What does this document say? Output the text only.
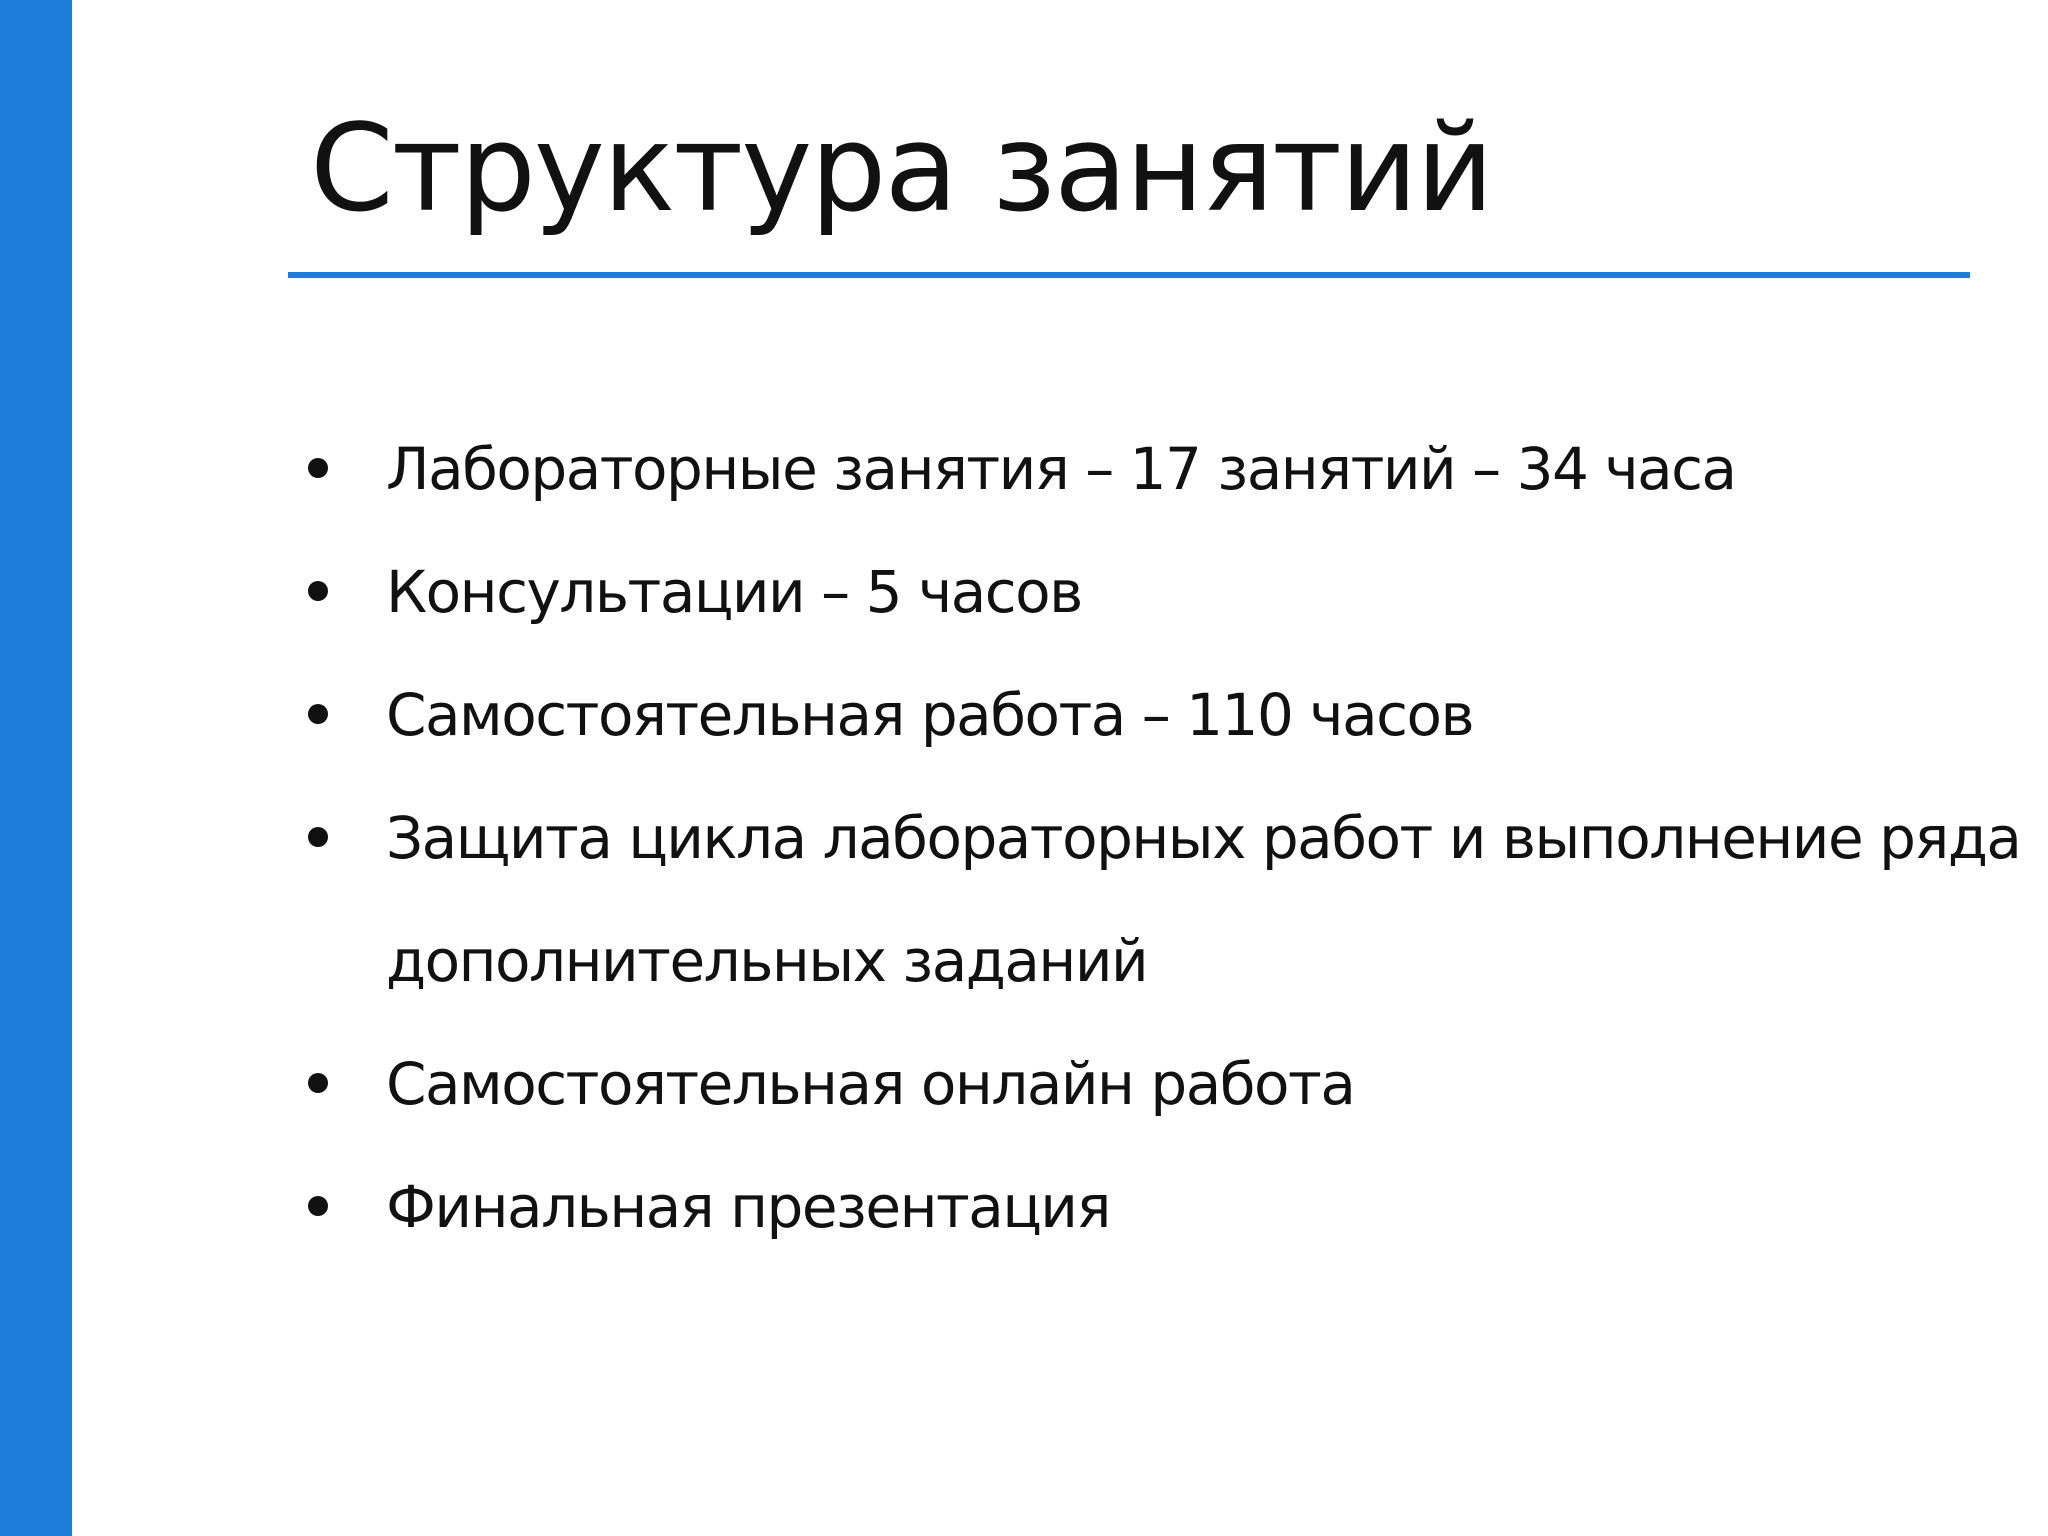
Структура занятий
Лабораторные занятия – 17 занятий – 34 часа
Консультации – 5 часов
Самостоятельная работа – 110 часов
Защита цикла лабораторных работ и выполнение ряда
дополнительных заданий
Самостоятельная онлайн работа
Финальная презентация
